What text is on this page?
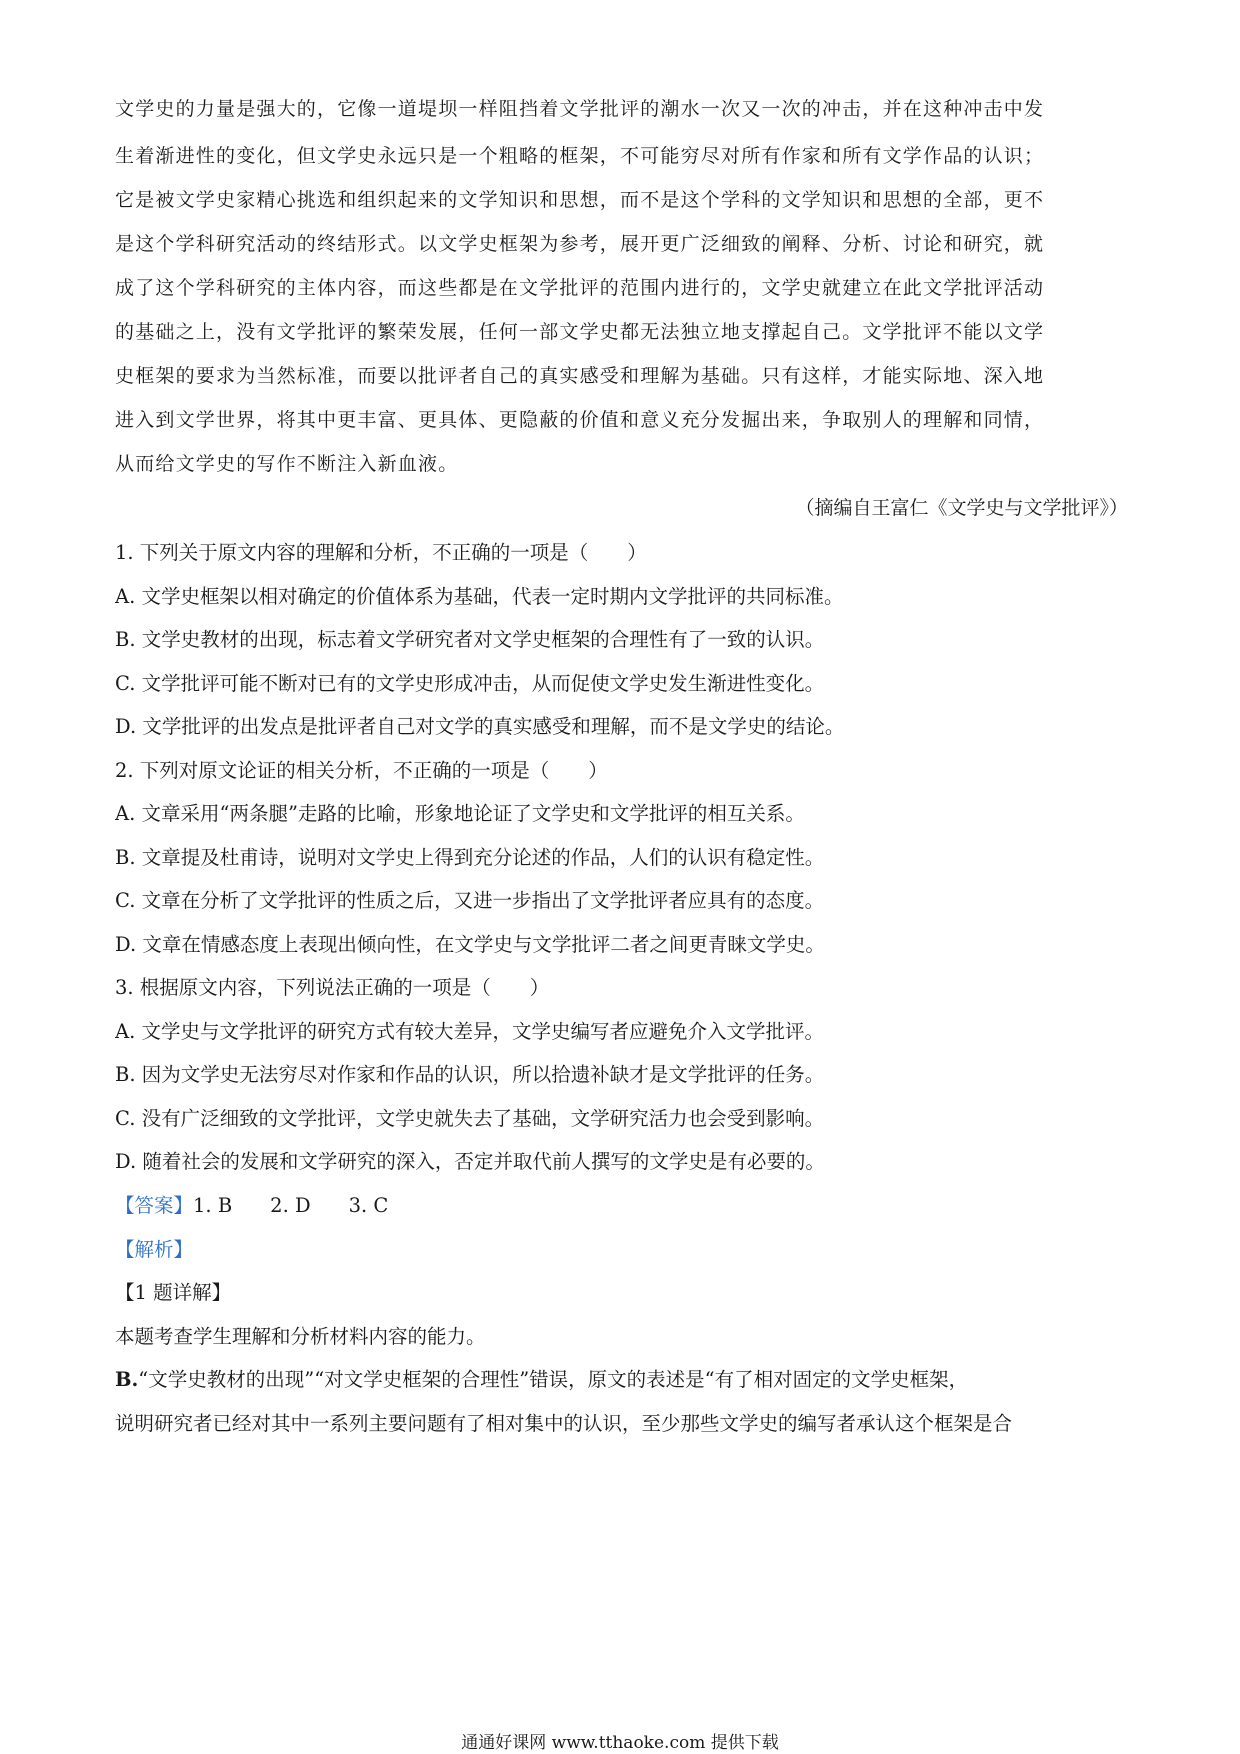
文学史的力量是强大的，它像一道堤坝一样阻挡着文学批评的潮水一次又一次的冲击，并在这种冲击中发
生着渐进性的变化，但文学史永远只是一个粗略的框架，不可能穷尽对所有作家和所有文学作品的认识；
它是被文学史家精心挑选和组织起来的文学知识和思想，而不是这个学科的文学知识和思想的全部，更不
是这个学科研究活动的终结形式。以文学史框架为参考，展开更广泛细致的阐释、分析、讨论和研究，就
成了这个学科研究的主体内容，而这些都是在文学批评的范围内进行的，文学史就建立在此文学批评活动
的基础之上，没有文学批评的繁荣发展，任何一部文学史都无法独立地支撑起自己。文学批评不能以文学
史框架的要求为当然标准，而要以批评者自己的真实感受和理解为基础。只有这样，才能实际地、深入地
进入到文学世界，将其中更丰富、更具体、更隐蔽的价值和意义充分发掘出来，争取别人的理解和同情，
从而给文学史的写作不断注入新血液。
（摘编自王富仁《文学史与文学批评》）
1. 下列关于原文内容的理解和分析，不正确的一项是（　　）
A. 文学史框架以相对确定的价值体系为基础，代表一定时期内文学批评的共同标准。
B. 文学史教材的出现，标志着文学研究者对文学史框架的合理性有了一致的认识。
C. 文学批评可能不断对已有的文学史形成冲击，从而促使文学史发生渐进性变化。
D. 文学批评的出发点是批评者自己对文学的真实感受和理解，而不是文学史的结论。
2. 下列对原文论证的相关分析，不正确的一项是（　　）
A. 文章采用“两条腿”走路的比喻，形象地论证了文学史和文学批评的相互关系。
B. 文章提及杜甫诗，说明对文学史上得到充分论述的作品，人们的认识有稳定性。
C. 文章在分析了文学批评的性质之后，又进一步指出了文学批评者应具有的态度。
D. 文章在情感态度上表现出倾向性，在文学史与文学批评二者之间更青睐文学史。
3. 根据原文内容，下列说法正确的一项是（　　）
A. 文学史与文学批评的研究方式有较大差异，文学史编写者应避免介入文学批评。
B. 因为文学史无法穷尽对作家和作品的认识，所以拾遗补缺才是文学批评的任务。
C. 没有广泛细致的文学批评，文学史就失去了基础，文学研究活力也会受到影响。
D. 随着社会的发展和文学研究的深入，否定并取代前人撰写的文学史是有必要的。
【答案】1. B 2. D 3. C
【解析】
【1 题详解】
本题考查学生理解和分析材料内容的能力。
B.“文学史教材的出现”“对文学史框架的合理性”错误，原文的表述是“有了相对固定的文学史框架，
说明研究者已经对其中一系列主要问题有了相对集中的认识，至少那些文学史的编写者承认这个框架是合
通通好课网 www.tthaoke.com 提供下载
